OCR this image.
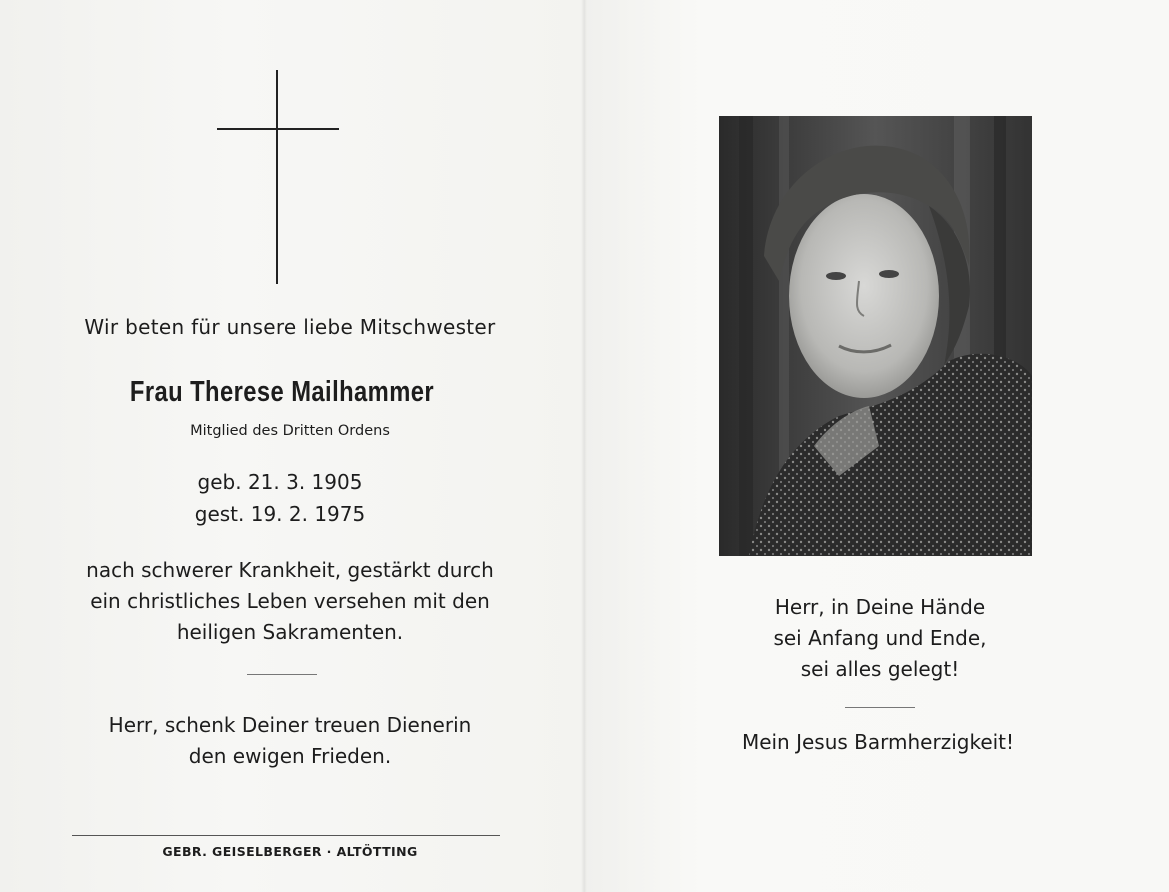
Wir beten für unsere liebe Mitschwester
Frau Therese Mailhammer
Mitglied des Dritten Ordens
geb. 21. 3. 1905
gest. 19. 2. 1975
nach schwerer Krankheit, gestärkt durch
ein christliches Leben versehen mit den
heiligen Sakramenten.
Herr, schenk Deiner treuen Dienerin
den ewigen Frieden.
GEBR. GEISELBERGER · ALTÖTTING
Herr, in Deine Hände
sei Anfang und Ende,
sei alles gelegt!
Mein Jesus Barmherzigkeit!
